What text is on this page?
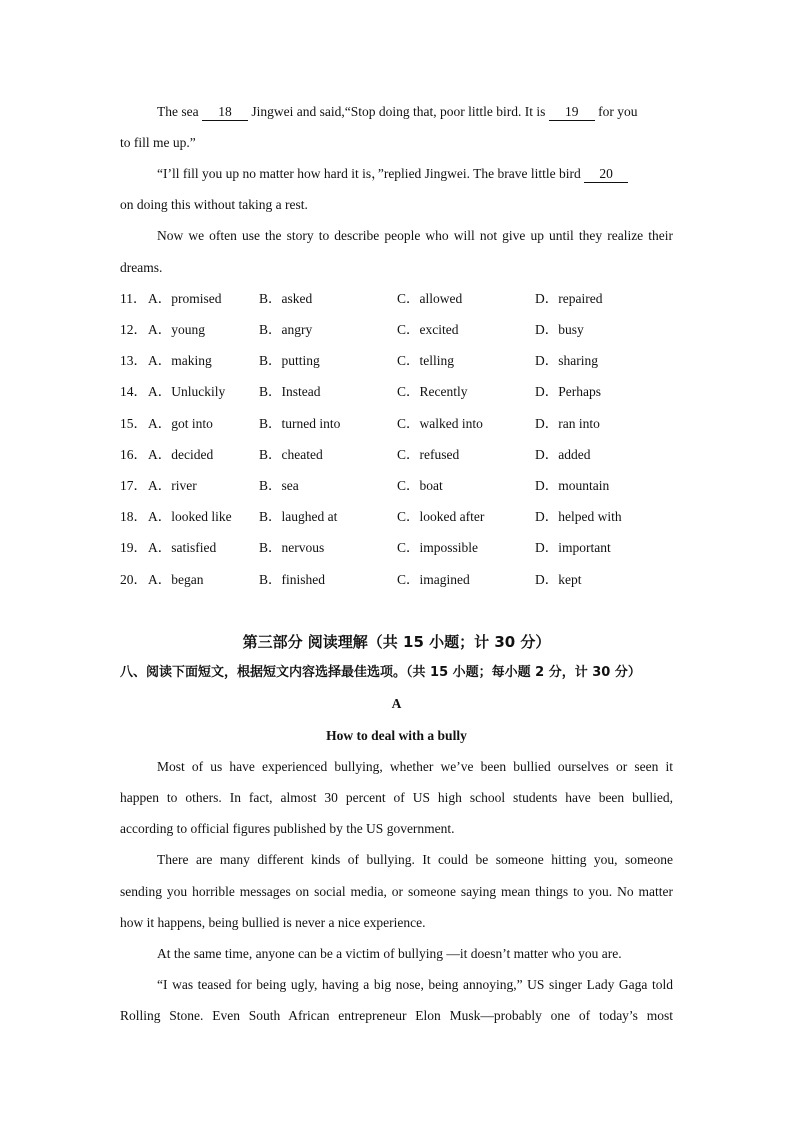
The sea 18 Jingwei and said,“Stop doing that, poor little bird. It is 19 for you
to fill me up.”
“I’ll fill you up no matter how hard it is，”replied Jingwei. The brave little bird 20
on doing this without taking a rest.
Now we often use the story to describe people who will not give up until they realize their
dreams.
11． A．promised	B．asked	C．allowed	D．repaired
12． A．young	B．angry	C．excited	D．busy
13． A．making	B．putting	C．telling	D．sharing
14． A．Unluckily	B．Instead	C．Recently	D．Perhaps
15． A．got into	B．turned into	C．walked into	D．ran into
16． A．decided	B．cheated	C．refused	D．added
17． A．river	B．sea	C．boat	D．mountain
18． A．looked like B．laughed at	C．looked after	D．helped with
19． A．satisfied	B．nervous	C．impossible	D．important
20． A．began	B．finished	C．imagined	D．kept
第三部分 阅读理解（共 15 小题；计 30 分）
八、阅读下面短文，根据短文内容选择最佳选项。（共 15 小题；每小题 2 分，计 30 分）
A
How to deal with a bully
Most of us have experienced bullying, whether we’ve been bullied ourselves or seen it
happen to others. In fact, almost 30 percent of US high school students have been bullied,
according to official figures published by the US government.
There are many different kinds of bullying. It could be someone hitting you, someone
sending you horrible messages on social media, or someone saying mean things to you. No matter
how it happens, being bullied is never a nice experience.
At the same time, anyone can be a victim of bullying —it doesn’t matter who you are.
“I was teased for being ugly, having a big nose, being annoying,” US singer Lady Gaga told
Rolling Stone. Even South African entrepreneur Elon Musk—probably one of today’s most
